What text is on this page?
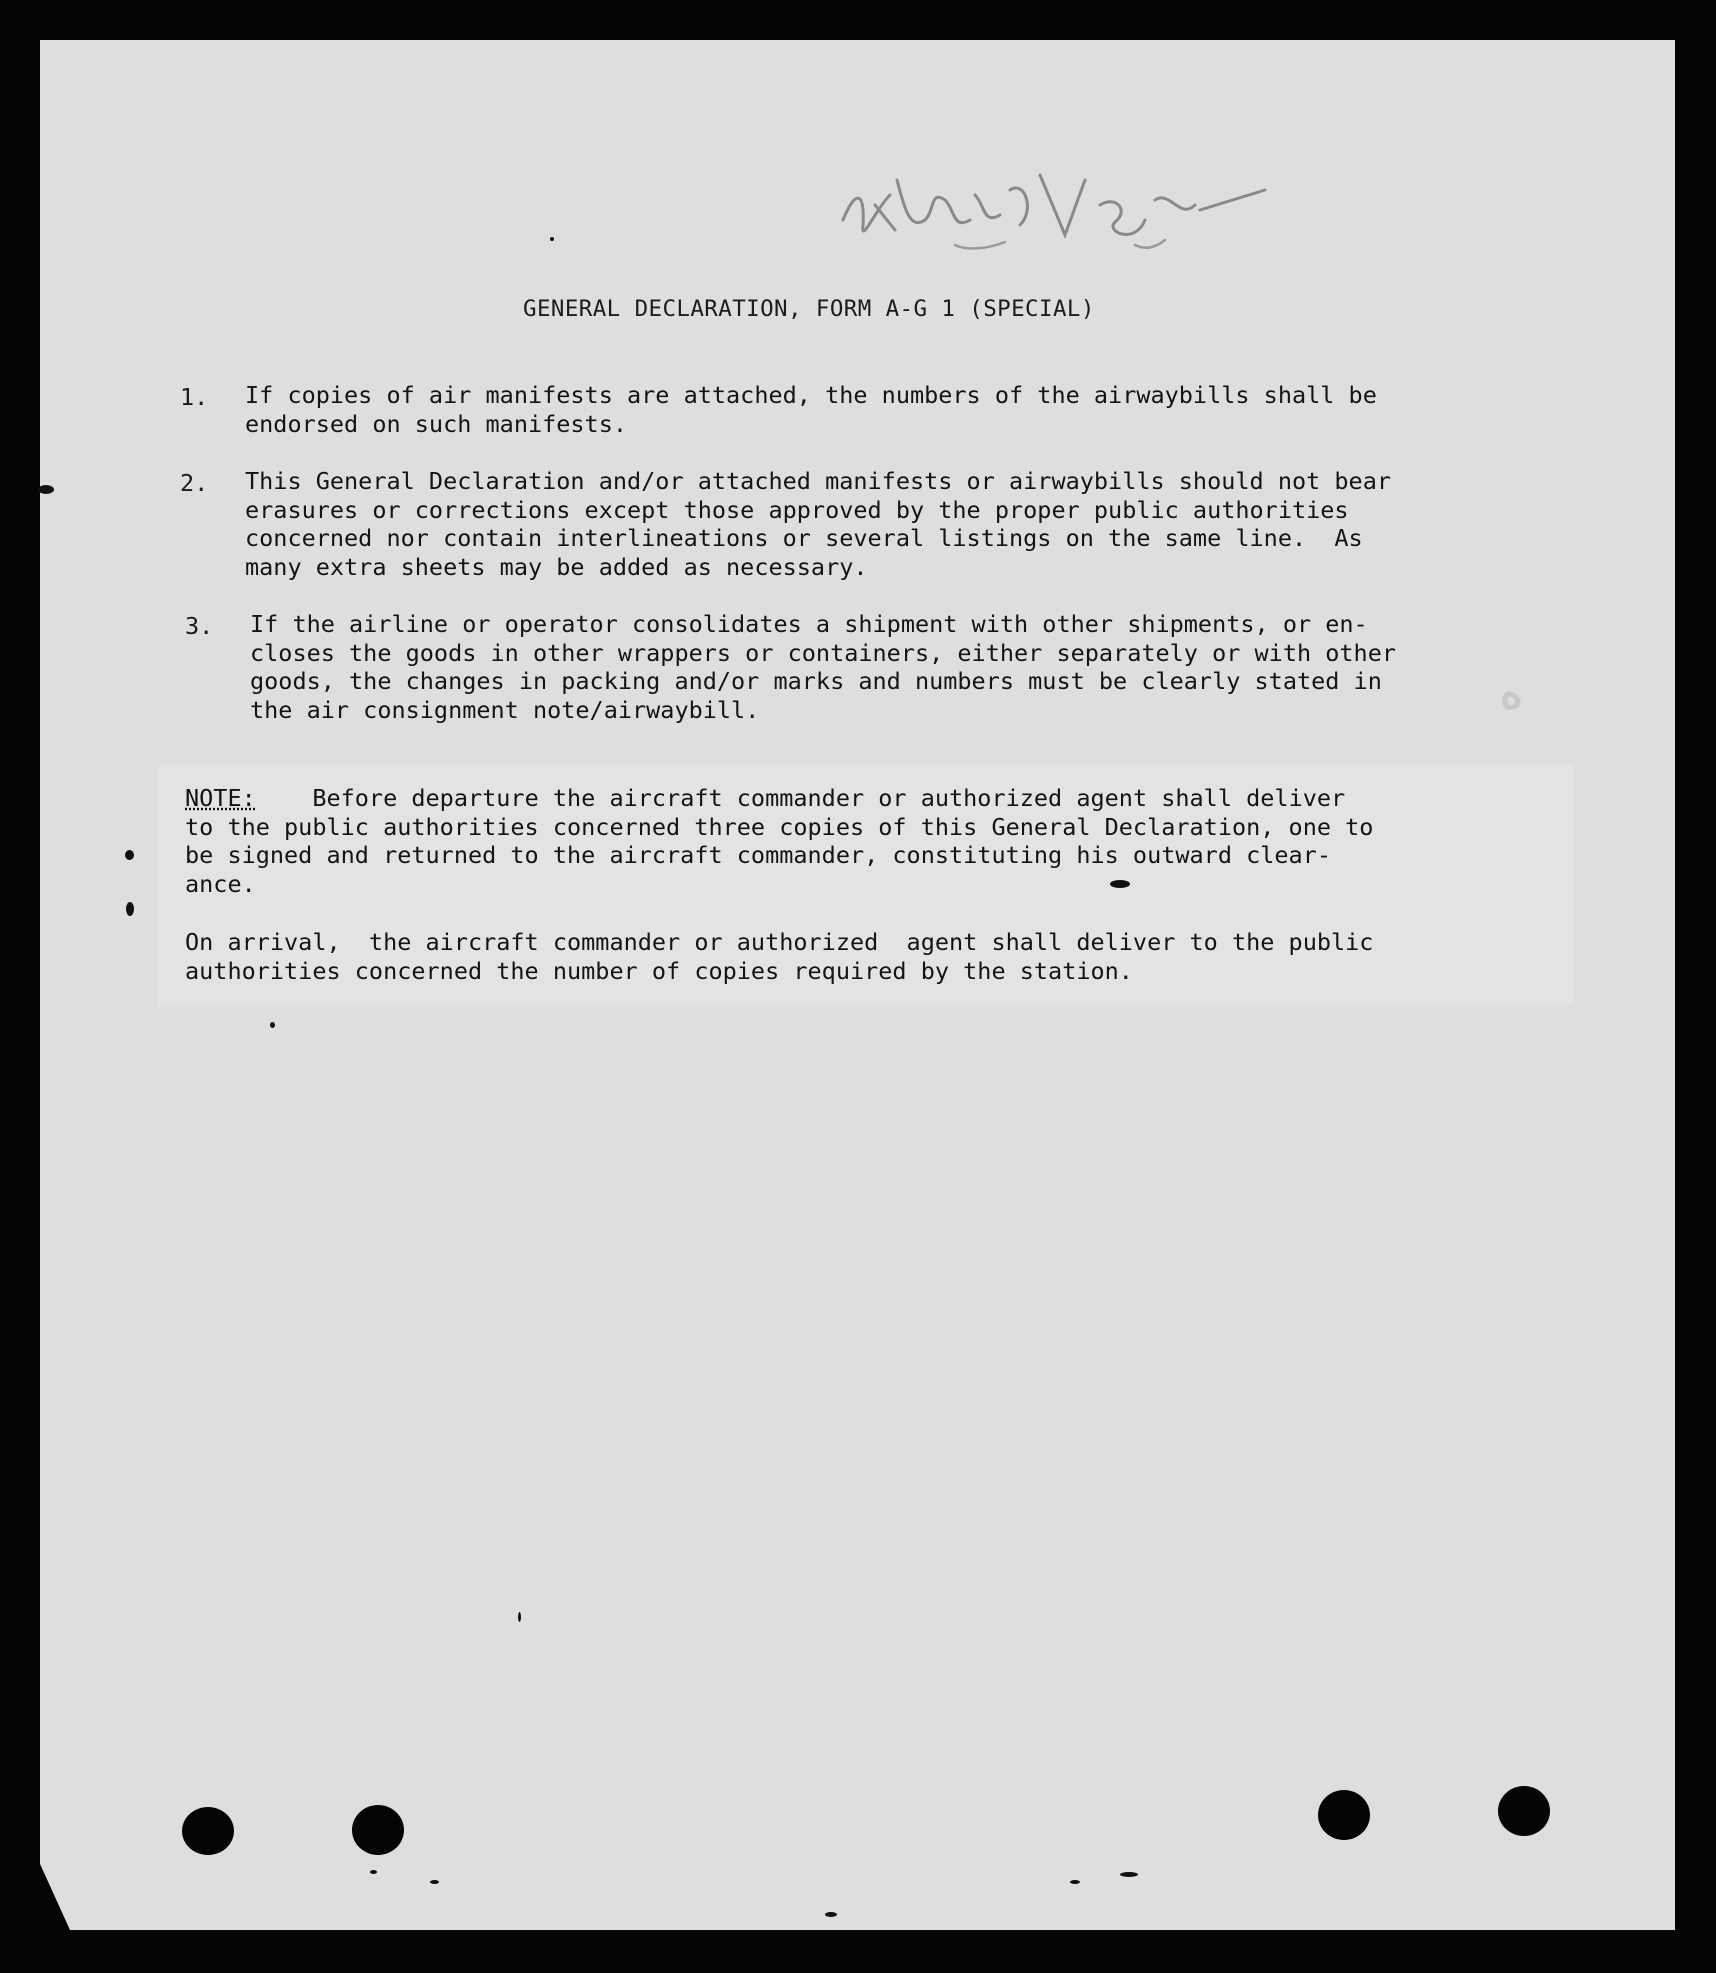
GENERAL DECLARATION, FORM A-G 1 (SPECIAL)
1. If copies of air manifests are attached, the numbers of the airwaybills shall be
endorsed on such manifests.
2. This General Declaration and/or attached manifests or airwaybills should not bear
erasures or corrections except those approved by the proper public authorities
concerned nor contain interlineations or several listings on the same line.  As
many extra sheets may be added as necessary.
3. If the airline or operator consolidates a shipment with other shipments, or en-
closes the goods in other wrappers or containers, either separately or with other
goods, the changes in packing and/or marks and numbers must be clearly stated in
the air consignment note/airwaybill.
NOTE:    Before departure the aircraft commander or authorized agent shall deliver
to the public authorities concerned three copies of this General Declaration, one to
be signed and returned to the aircraft commander, constituting his outward clear-
ance.
On arrival,  the aircraft commander or authorized  agent shall deliver to the public
authorities concerned the number of copies required by the station.
ه
